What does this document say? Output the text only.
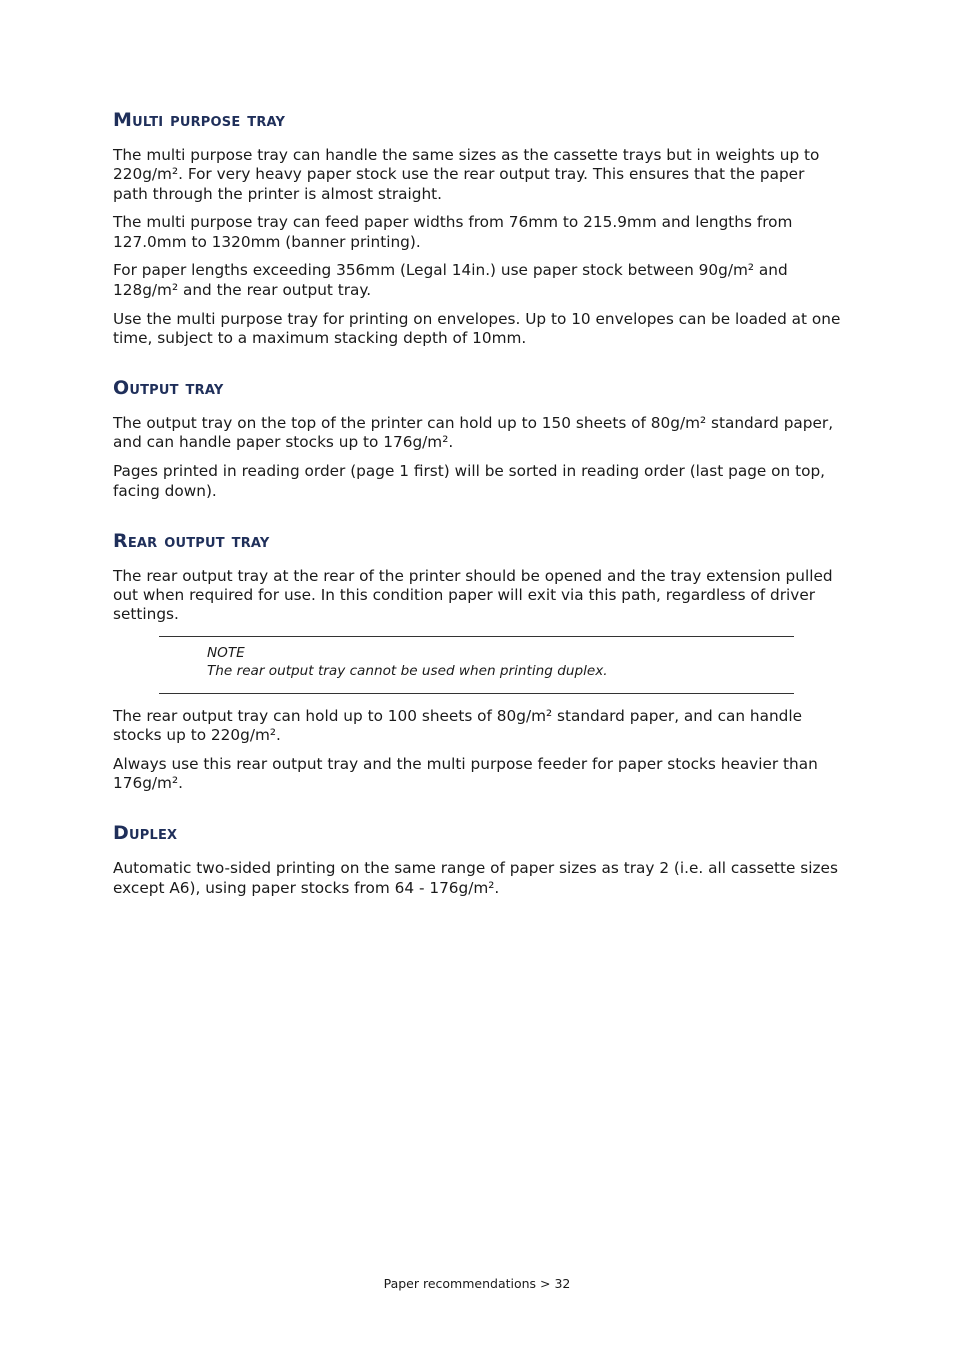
Multi purpose tray

The multi purpose tray can handle the same sizes as the cassette trays but in weights up to 220g/m². For very heavy paper stock use the rear output tray. This ensures that the paper path through the printer is almost straight.

The multi purpose tray can feed paper widths from 76mm to 215.9mm and lengths from 127.0mm to 1320mm (banner printing).

For paper lengths exceeding 356mm (Legal 14in.) use paper stock between 90g/m² and 128g/m² and the rear output tray.

Use the multi purpose tray for printing on envelopes. Up to 10 envelopes can be loaded at one time, subject to a maximum stacking depth of 10mm.

Output tray

The output tray on the top of the printer can hold up to 150 sheets of 80g/m² standard paper, and can handle paper stocks up to 176g/m².

Pages printed in reading order (page 1 first) will be sorted in reading order (last page on top, facing down).

Rear output tray

The rear output tray at the rear of the printer should be opened and the tray extension pulled out when required for use. In this condition paper will exit via this path, regardless of driver settings.

NOTE
The rear output tray cannot be used when printing duplex.

The rear output tray can hold up to 100 sheets of 80g/m² standard paper, and can handle stocks up to 220g/m².

Always use this rear output tray and the multi purpose feeder for paper stocks heavier than 176g/m².

Duplex

Automatic two-sided printing on the same range of paper sizes as tray 2 (i.e. all cassette sizes except A6), using paper stocks from 64 - 176g/m².

Paper recommendations > 32
